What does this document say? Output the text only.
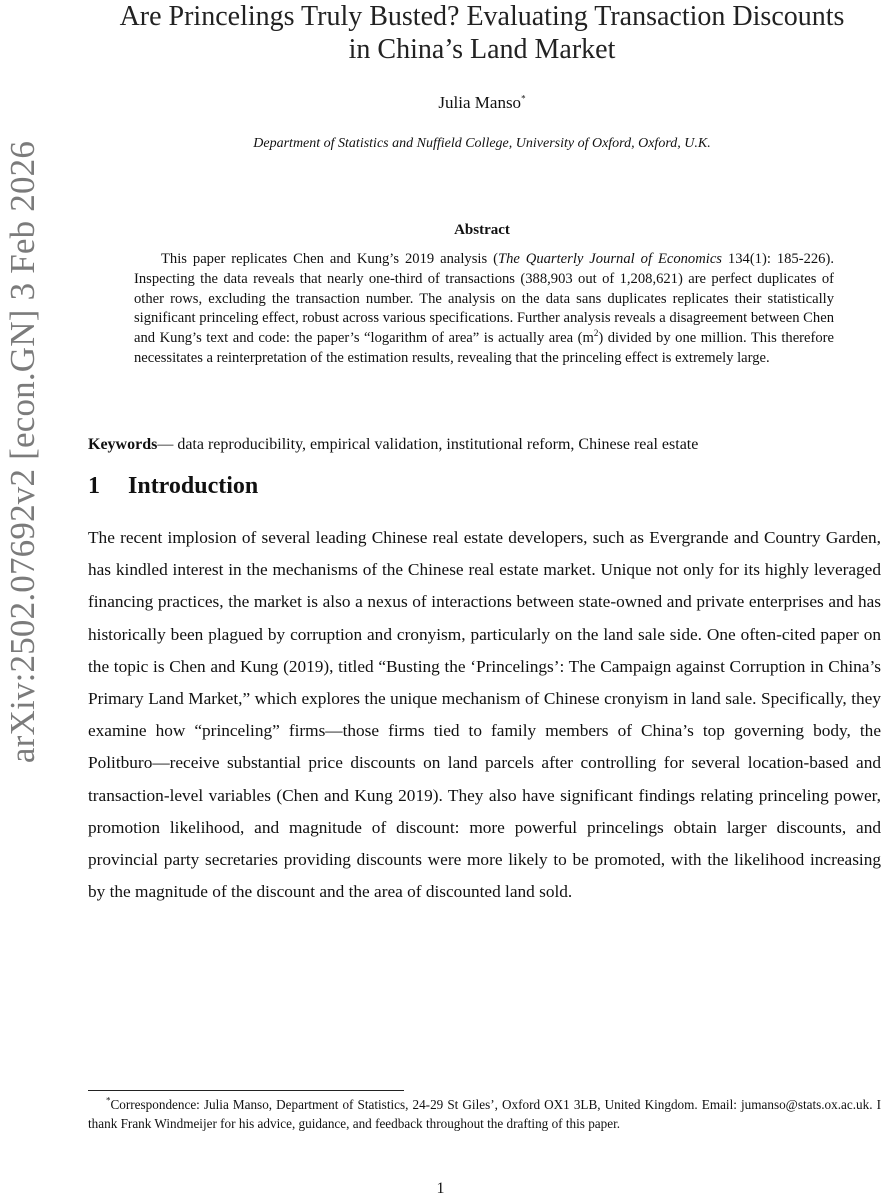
arXiv:2502.07692v2 [econ.GN] 3 Feb 2026
Are Princelings Truly Busted? Evaluating Transaction Discounts
in China’s Land Market
Julia Manso*
Department of Statistics and Nuffield College, University of Oxford, Oxford, U.K.
Abstract

This paper replicates Chen and Kung’s 2019 analysis (The Quarterly Journal of Economics 134(1): 185-226). Inspecting the data reveals that nearly one-third of transactions (388,903 out of 1,208,621) are perfect duplicates of other rows, excluding the transaction number. The analysis on the data sans duplicates replicates their statistically significant princeling effect, robust across various specifications. Further analysis reveals a disagreement between Chen and Kung’s text and code: the paper’s “logarithm of area” is actually area $(m^2)$ divided by one million. This therefore necessitates a reinterpretation of the estimation results, revealing that the princeling effect is extremely large.

Keywords— data reproducibility, empirical validation, institutional reform, Chinese real estate
1 Introduction

The recent implosion of several leading Chinese real estate developers, such as Evergrande and Country Garden, has kindled interest in the mechanisms of the Chinese real estate market. Unique not only for its highly leveraged financing practices, the market is also a nexus of interactions between state-owned and private enterprises and has historically been plagued by corruption and cronyism, particularly on the land sale side. One often-cited paper on the topic is Chen and Kung (2019), titled “Busting the ‘Princelings’: The Campaign against Corruption in China’s Primary Land Market,” which explores the unique mechanism of Chinese cronyism in land sale. Specifically, they examine how “princeling” firms—those firms tied to family members of China’s top governing body, the Politburo—receive substantial price discounts on land parcels after controlling for several location-based and transaction-level variables (Chen and Kung 2019). They also have significant findings relating princeling power, promotion likelihood, and magnitude of discount: more powerful princelings obtain larger discounts, and provincial party secretaries providing discounts were more likely to be promoted, with the likelihood increasing by the magnitude of the discount and the area of discounted land sold.

*Correspondence: Julia Manso, Department of Statistics, 24-29 St Giles’, Oxford OX1 3LB, United Kingdom. Email: jumanso@stats.ox.ac.uk. I thank Frank Windmeijer for his advice, guidance, and feedback throughout the drafting of this paper.

1
